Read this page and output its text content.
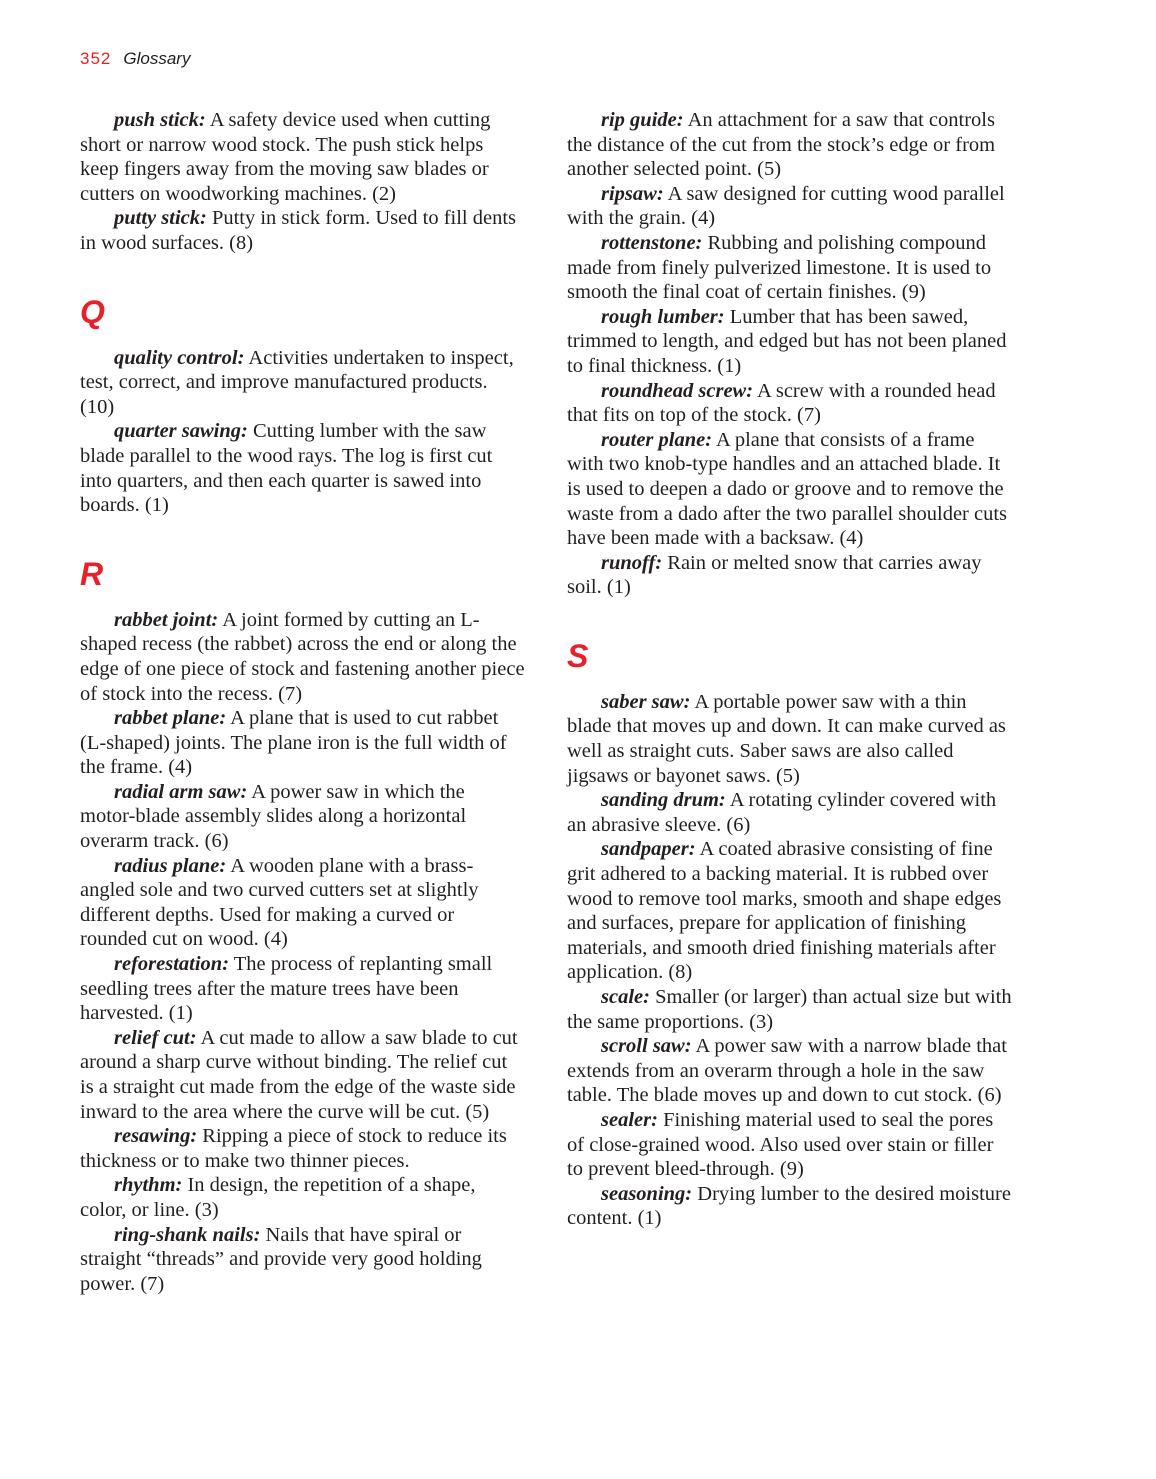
352 Glossary

push stick: A safety device used when cutting short or narrow wood stock. The push stick helps keep fingers away from the moving saw blades or cutters on woodworking machines. (2)

putty stick: Putty in stick form. Used to fill dents in wood surfaces. (8)

Q

quality control: Activities undertaken to inspect, test, correct, and improve manufactured products. (10)

quarter sawing: Cutting lumber with the saw blade parallel to the wood rays. The log is first cut into quarters, and then each quarter is sawed into boards. (1)

R

rabbet joint: A joint formed by cutting an L-shaped recess (the rabbet) across the end or along the edge of one piece of stock and fastening another piece of stock into the recess. (7)

rabbet plane: A plane that is used to cut rabbet (L-shaped) joints. The plane iron is the full width of the frame. (4)

radial arm saw: A power saw in which the motor-blade assembly slides along a horizontal overarm track. (6)

radius plane: A wooden plane with a brass-angled sole and two curved cutters set at slightly different depths. Used for making a curved or rounded cut on wood. (4)

reforestation: The process of replanting small seedling trees after the mature trees have been harvested. (1)

relief cut: A cut made to allow a saw blade to cut around a sharp curve without binding. The relief cut is a straight cut made from the edge of the waste side inward to the area where the curve will be cut. (5)

resawing: Ripping a piece of stock to reduce its thickness or to make two thinner pieces.

rhythm: In design, the repetition of a shape, color, or line. (3)

ring-shank nails: Nails that have spiral or straight “threads” and provide very good holding power. (7)

rip guide: An attachment for a saw that controls the distance of the cut from the stock’s edge or from another selected point. (5)

ripsaw: A saw designed for cutting wood parallel with the grain. (4)

rottenstone: Rubbing and polishing compound made from finely pulverized limestone. It is used to smooth the final coat of certain finishes. (9)

rough lumber: Lumber that has been sawed, trimmed to length, and edged but has not been planed to final thickness. (1)

roundhead screw: A screw with a rounded head that fits on top of the stock. (7)

router plane: A plane that consists of a frame with two knob-type handles and an attached blade. It is used to deepen a dado or groove and to remove the waste from a dado after the two parallel shoulder cuts have been made with a backsaw. (4)

runoff: Rain or melted snow that carries away soil. (1)

S

saber saw: A portable power saw with a thin blade that moves up and down. It can make curved as well as straight cuts. Saber saws are also called jigsaws or bayonet saws. (5)

sanding drum: A rotating cylinder covered with an abrasive sleeve. (6)

sandpaper: A coated abrasive consisting of fine grit adhered to a backing material. It is rubbed over wood to remove tool marks, smooth and shape edges and surfaces, prepare for application of finishing materials, and smooth dried finishing materials after application. (8)

scale: Smaller (or larger) than actual size but with the same proportions. (3)

scroll saw: A power saw with a narrow blade that extends from an overarm through a hole in the saw table. The blade moves up and down to cut stock. (6)

sealer: Finishing material used to seal the pores of close-grained wood. Also used over stain or filler to prevent bleed-through. (9)

seasoning: Drying lumber to the desired moisture content. (1)
